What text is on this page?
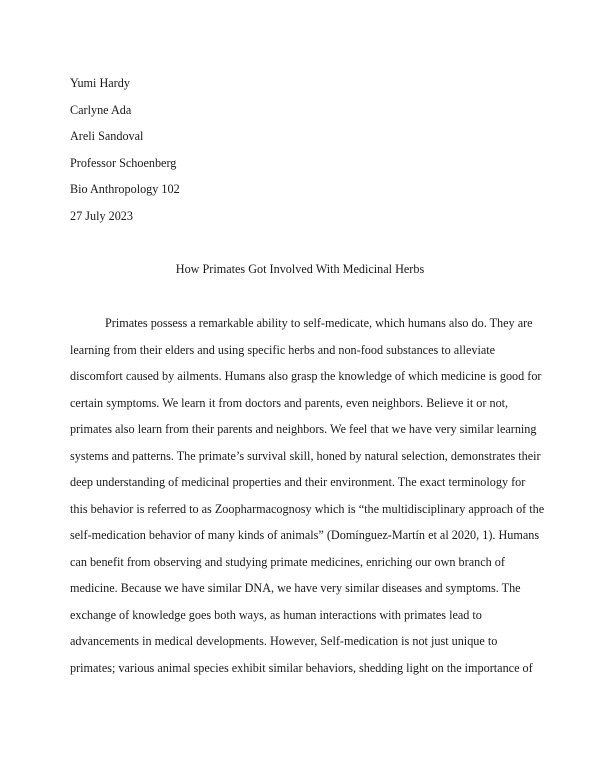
Yumi Hardy
Carlyne Ada
Areli Sandoval
Professor Schoenberg
Bio Anthropology 102
27 July 2023
How Primates Got Involved With Medicinal Herbs
Primates possess a remarkable ability to self-medicate, which humans also do. They are
learning from their elders and using specific herbs and non-food substances to alleviate
discomfort caused by ailments. Humans also grasp the knowledge of which medicine is good for
certain symptoms. We learn it from doctors and parents, even neighbors. Believe it or not,
primates also learn from their parents and neighbors. We feel that we have very similar learning
systems and patterns. The primate’s survival skill, honed by natural selection, demonstrates their
deep understanding of medicinal properties and their environment. The exact terminology for
this behavior is referred to as Zoopharmacognosy which is “the multidisciplinary approach of the
self-medication behavior of many kinds of animals” (Domínguez-Martín et al 2020, 1). Humans
can benefit from observing and studying primate medicines, enriching our own branch of
medicine. Because we have similar DNA, we have very similar diseases and symptoms. The
exchange of knowledge goes both ways, as human interactions with primates lead to
advancements in medical developments. However, Self-medication is not just unique to
primates; various animal species exhibit similar behaviors, shedding light on the importance of
